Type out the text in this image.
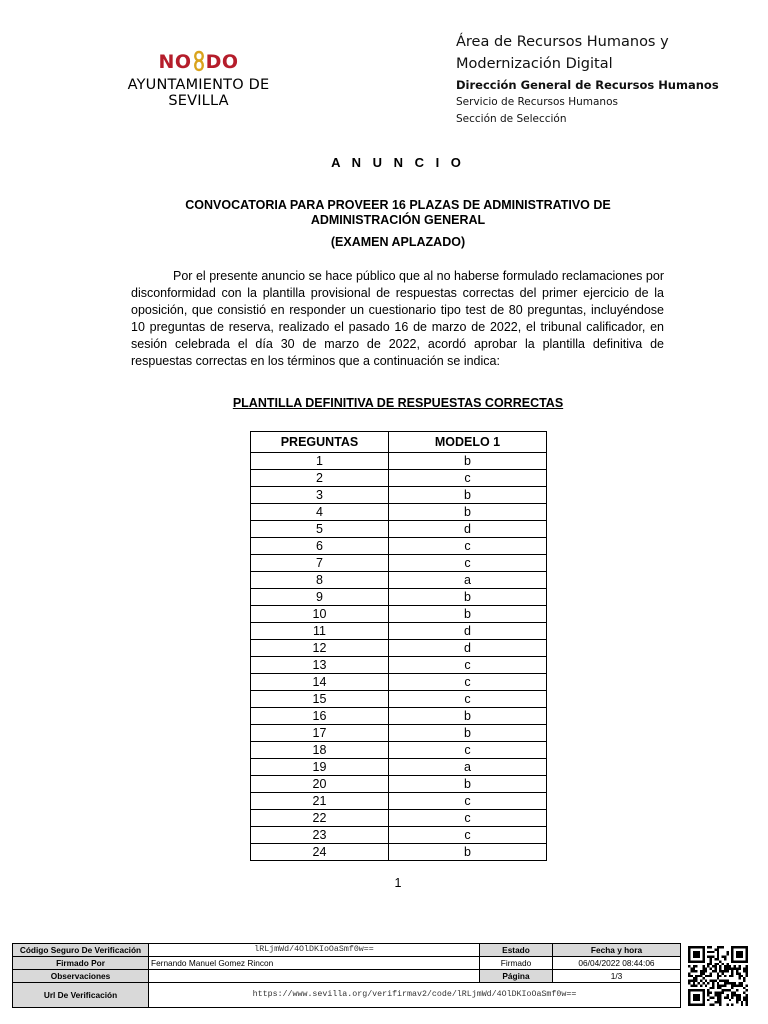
NO DO
AYUNTAMIENTO DE SEVILLA
Área de Recursos Humanos y
Modernización Digital
Dirección General de Recursos Humanos
Servicio de Recursos Humanos
Sección de Selección
A N U N C I O
CONVOCATORIA PARA PROVEER 16 PLAZAS DE ADMINISTRATIVO DE
ADMINISTRACIÓN GENERAL
(EXAMEN APLAZADO)

Por el presente anuncio se hace público que al no haberse formulado reclamaciones por disconformidad con la plantilla provisional de respuestas correctas del primer ejercicio de la oposición, que consistió en responder un cuestionario tipo test de 80 preguntas, incluyéndose 10 preguntas de reserva, realizado el pasado 16 de marzo de 2022, el tribunal calificador, en sesión celebrada el día 30 de marzo de 2022, acordó aprobar la plantilla definitiva de respuestas correctas en los términos que a continuación se indica:

PLANTILLA DEFINITIVA DE RESPUESTAS CORRECTAS
PREGUNTAS	MODELO 1
1	b
2	c
3	b
4	b
5	d
6	c
7	c
8	a
9	b
10	b
11	d
12	d
13	c
14	c
15	c
16	b
17	b
18	c
19	a
20	b
21	c
22	c
23	c
24	b
1
Código Seguro De Verificación	lRLjmWd/4OlDKIoOaSmf0w==	Estado	Fecha y hora
Firmado Por	Fernando Manuel Gomez Rincon	Firmado	06/04/2022 08:44:06
Observaciones		Página	1/3
Url De Verificación	https://www.sevilla.org/verifirmav2/code/lRLjmWd/4OlDKIoOaSmf0w==		
